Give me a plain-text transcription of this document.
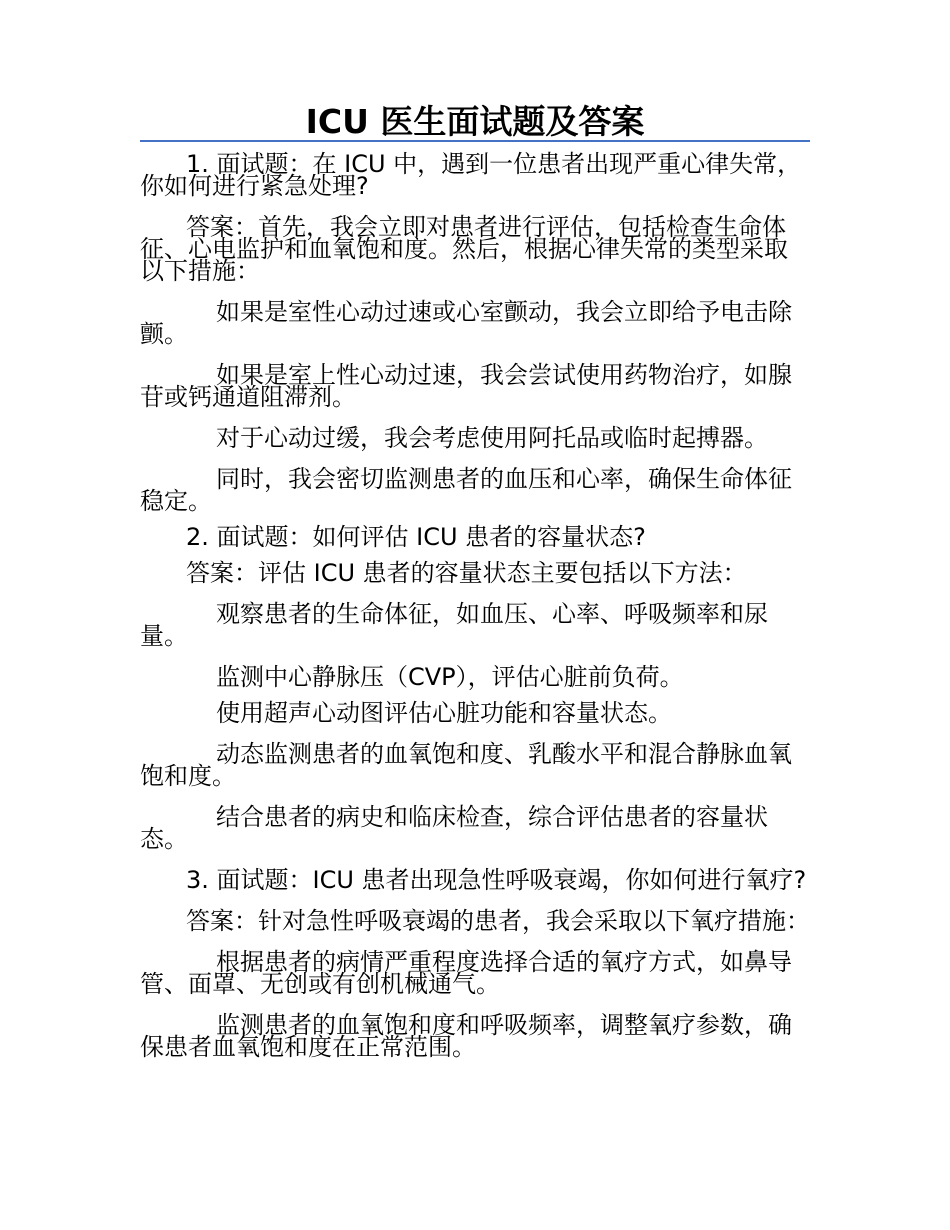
ICU 医生面试题及答案

1. 面试题：在 ICU 中，遇到一位患者出现严重心律失常，你如何进行紧急处理?

答案：首先，我会立即对患者进行评估，包括检查生命体征、心电监护和血氧饱和度。然后，根据心律失常的类型采取以下措施：

如果是室性心动过速或心室颤动，我会立即给予电击除颤。

如果是室上性心动过速，我会尝试使用药物治疗，如腺苷或钙通道阻滞剂。

对于心动过缓，我会考虑使用阿托品或临时起搏器。

同时，我会密切监测患者的血压和心率，确保生命体征稳定。

2. 面试题：如何评估 ICU 患者的容量状态?

答案：评估 ICU 患者的容量状态主要包括以下方法：

观察患者的生命体征，如血压、心率、呼吸频率和尿量。

监测中心静脉压（CVP），评估心脏前负荷。

使用超声心动图评估心脏功能和容量状态。

动态监测患者的血氧饱和度、乳酸水平和混合静脉血氧饱和度。

结合患者的病史和临床检查，综合评估患者的容量状态。

3. 面试题：ICU 患者出现急性呼吸衰竭，你如何进行氧疗?

答案：针对急性呼吸衰竭的患者，我会采取以下氧疗措施：

根据患者的病情严重程度选择合适的氧疗方式，如鼻导管、面罩、无创或有创机械通气。

监测患者的血氧饱和度和呼吸频率，调整氧疗参数，确保患者血氧饱和度在正常范围。
